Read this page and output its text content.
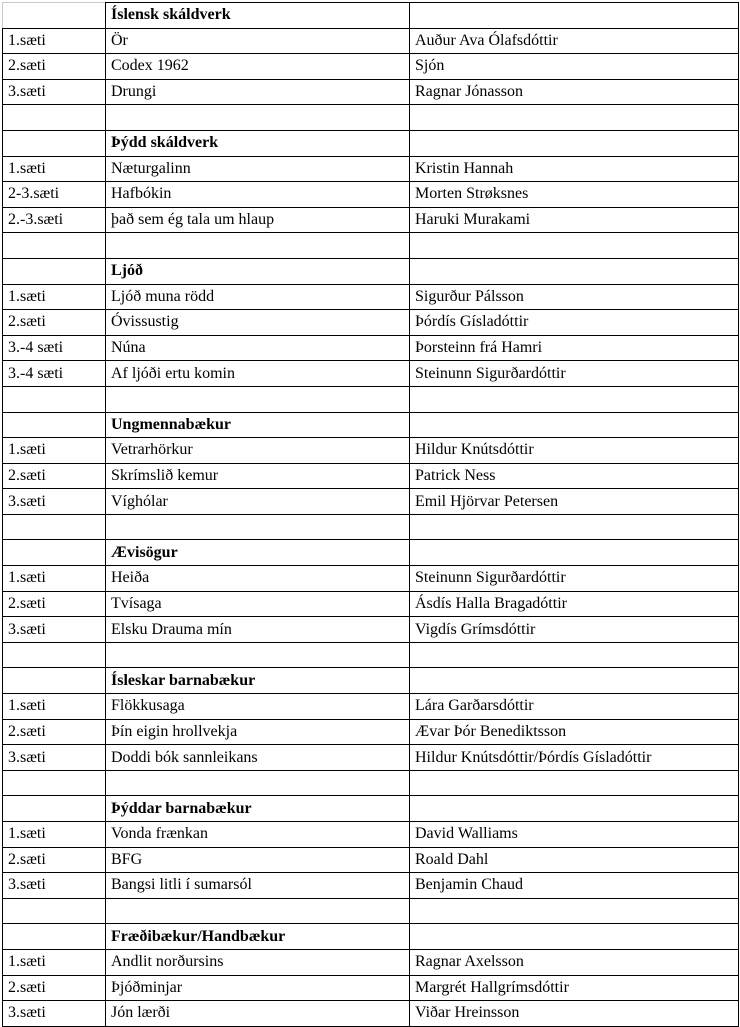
	Íslensk skáldverk	
1.sæti	Ör	Auður Ava Ólafsdóttir
2.sæti	Codex 1962	Sjón
3.sæti	Drungi	Ragnar Jónasson

	Þýdd skáldverk	
1.sæti	Næturgalinn	Kristin Hannah
2-3.sæti	Hafbókin	Morten Strøksnes
2.-3.sæti	það sem ég tala um hlaup	Haruki Murakami

	Ljóð	
1.sæti	Ljóð muna rödd	Sigurður Pálsson
2.sæti	Óvissustig	Þórdís Gísladóttir
3.-4 sæti	Núna	Þorsteinn frá Hamri
3.-4 sæti	Af ljóði ertu komin	Steinunn Sigurðardóttir

	Ungmennabækur	
1.sæti	Vetrarhörkur	Hildur Knútsdóttir
2.sæti	Skrímslið kemur	Patrick Ness
3.sæti	Víghólar	Emil Hjörvar Petersen

	Ævisögur	
1.sæti	Heiða	Steinunn Sigurðardóttir
2.sæti	Tvísaga	Ásdís Halla Bragadóttir
3.sæti	Elsku Drauma mín	Vigdís Grímsdóttir

	Ísleskar barnabækur	
1.sæti	Flökkusaga	Lára Garðarsdóttir
2.sæti	Þín eigin hrollvekja	Ævar Þór Benediktsson
3.sæti	Doddi bók sannleikans	Hildur Knútsdóttir/Þórdís Gísladóttir

	Þýddar barnabækur	
1.sæti	Vonda frænkan	David Walliams
2.sæti	BFG	Roald Dahl
3.sæti	Bangsi litli í sumarsól	Benjamin Chaud

	Fræðibækur/Handbækur	
1.sæti	Andlit norðursins	Ragnar Axelsson
2.sæti	Þjóðminjar	Margrét Hallgrímsdóttir
3.sæti	Jón lærði	Viðar Hreinsson
